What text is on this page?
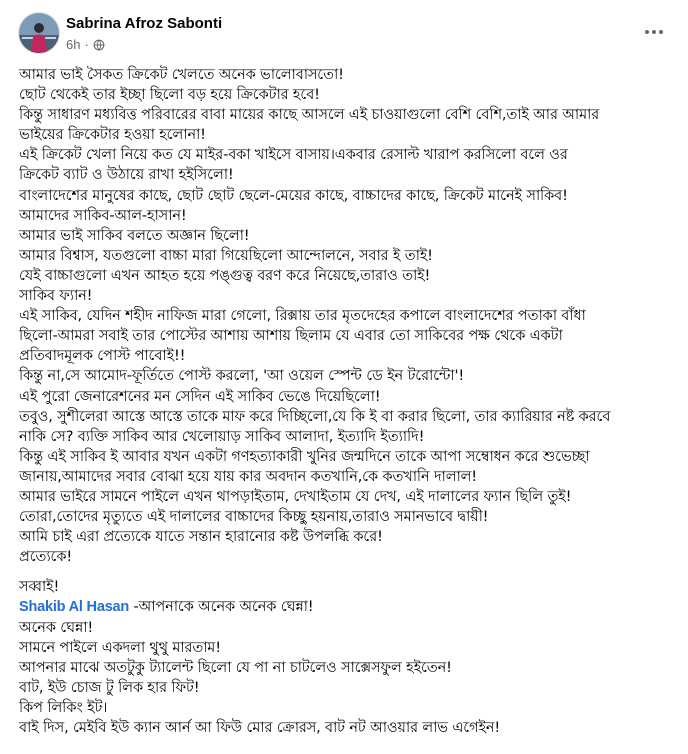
Sabrina Afroz Sabonti
6h ·
আমার ভাই সৈকত ক্রিকেট খেলতে অনেক ভালোবাসতো!
ছোট থেকেই তার ইচ্ছা ছিলো বড় হয়ে ক্রিকেটার হবে!
কিন্তু সাধারণ মধ্যবিত্ত পরিবারের বাবা মায়ের কাছে আসলে এই চাওয়াগুলো বেশি বেশি,তাই আর আমার
ভাইয়ের ক্রিকেটার হওয়া হলোনা!
এই ক্রিকেট খেলা নিয়ে কত যে মাইর-বকা খাইসে বাসায়।একবার রেসাল্ট খারাপ করসিলো বলে ওর
ক্রিকেট ব্যাট ও উঠায়ে রাখা হইসিলো!
বাংলাদেশের মানুষের কাছে, ছোট ছোট ছেলে-মেয়ের কাছে, বাচ্চাদের কাছে, ক্রিকেট মানেই সাকিব!
আমাদের সাকিব-আল-হাসান!
আমার ভাই সাকিব বলতে অজ্ঞান ছিলো!
আমার বিশ্বাস, যতগুলো বাচ্চা মারা গিয়েছিলো আন্দোলনে, সবার ই তাই!
যেই বাচ্চাগুলো এখন আহত হয়ে পঙ্গুত্ব বরণ করে নিয়েছে,তারাও তাই!
সাকিব ফ্যান!
এই সাকিব, যেদিন শহীদ নাফিজ মারা গেলো, রিক্সায় তার মৃতদেহের কপালে বাংলাদেশের পতাকা বাঁধা
ছিলো-আমরা সবাই তার পোস্টের আশায় আশায় ছিলাম যে এবার তো সাকিবের পক্ষ থেকে একটা
প্রতিবাদমূলক পোস্ট পাবোই!!
কিন্তু না,সে আমোদ-ফূর্তিতে পোস্ট করলো, 'আ ওয়েল স্পেন্ট ডে ইন টরোন্টো'!
এই পুরো জেনারেশনের মন সেদিন এই সাকিব ভেঙে দিয়েছিলো!
তবুও, সুশীলেরা আস্তে আস্তে তাকে মাফ করে দিচ্ছিলো,যে কি ই বা করার ছিলো, তার ক্যারিয়ার নষ্ট করবে
নাকি সে? ব্যক্তি সাকিব আর খেলোয়াড় সাকিব আলাদা, ইত্যাদি ইত্যাদি!
কিন্তু এই সাকিব ই আবার যখন একটা গণহত্যাকারী খুনির জন্মদিনে তাকে আপা সম্বোধন করে শুভেচ্ছা
জানায়,আমাদের সবার বোঝা হয়ে যায় কার অবদান কতখানি,কে কতখানি দালাল!
আমার ভাইরে সামনে পাইলে এখন থাপড়াইতাম, দেখাইতাম যে দেখ, এই দালালের ফ্যান ছিলি তুই!
তোরা,তোদের মৃত্যুতে এই দালালের বাচ্চাদের কিচ্ছু হয়নায়,তারাও সমানভাবে দ্বায়ী!
আমি চাই এরা প্রত্যেকে যাতে সন্তান হারানোর কষ্ট উপলব্ধি করে!
প্রত্যেকে!
সব্বাই!
Shakib Al Hasan -আপনাকে অনেক অনেক ঘেন্না!
অনেক ঘেন্না!
সামনে পাইলে একদলা থুথু মারতাম!
আপনার মাঝে অতটুকু ট্যালেন্ট ছিলো যে পা না চাটলেও সাক্সেসফুল হইতেন!
বাট, ইউ চোজ টু লিক হার ফিট!
কিপ লিকিং ইট।
বাই দিস, মেইবি ইউ ক্যান আর্ন আ ফিউ মোর ক্রোরস, বাট নট আওয়ার লাভ এগেইন!
